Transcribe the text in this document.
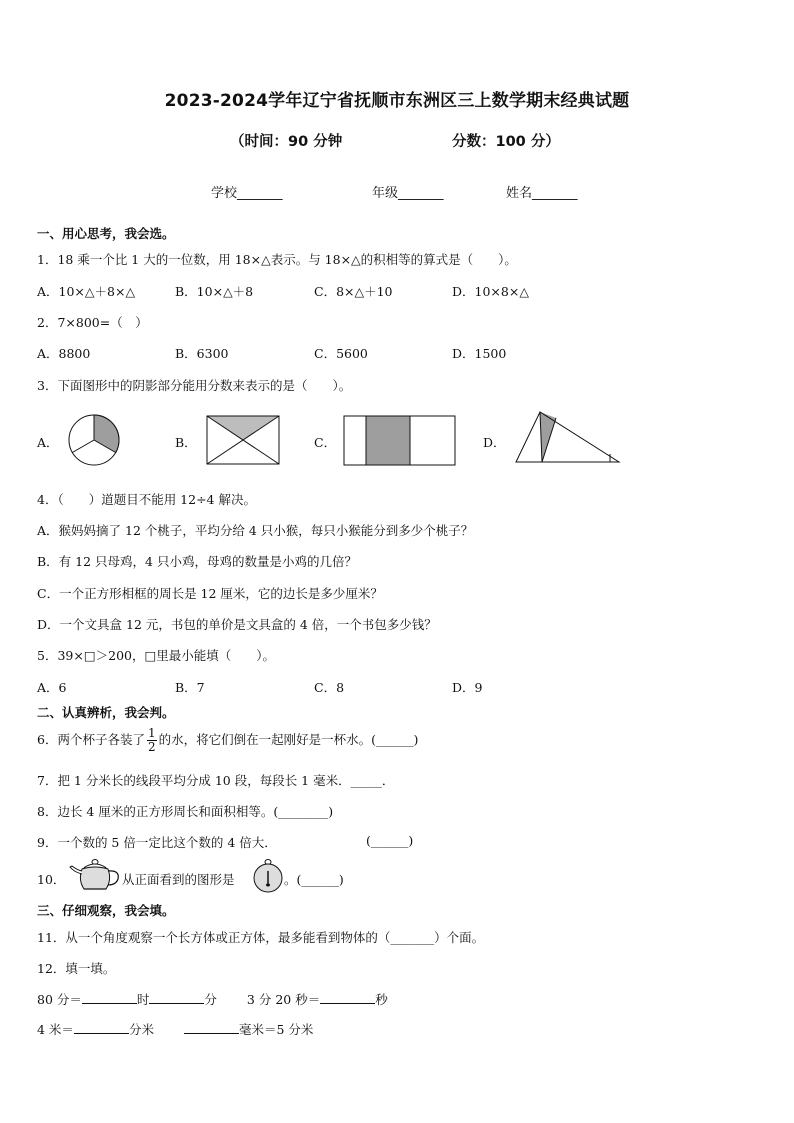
2023-2024学年辽宁省抚顺市东洲区三上数学期末经典试题
（时间：90 分钟	分数：100 分）
学校_______	年级_______	姓名_______
一、用心思考，我会选。
1．18 乘一个比 1 大的一位数，用 18×△表示。与 18×△的积相等的算式是（　　）。
A．10×△＋8×△	B．10×△＋8	C．8×△＋10	D．10×8×△
2．7×800=（　）
A．8800	B．6300	C．5600	D．1500
3．下面图形中的阴影部分能用分数来表示的是（　　）。
A．	B．	C．	D．
4．（　　）道题目不能用 12÷4 解决。
A．猴妈妈摘了 12 个桃子，平均分给 4 只小猴，每只小猴能分到多少个桃子？
B．有 12 只母鸡，4 只小鸡，母鸡的数量是小鸡的几倍？
C．一个正方形相框的周长是 12 厘米，它的边长是多少厘米？
D．一个文具盒 12 元，书包的单价是文具盒的 4 倍，一个书包多少钱？
5．39×□＞200，□里最小能填（　　）。
A．6	B．7	C．8	D．9
二、认真辨析，我会判。
6．两个杯子各装了 $\frac{1}{2}$ 的水，将它们倒在一起刚好是一杯水。(______)
7．把 1 分米长的线段平均分成 10 段，每段长 1 毫米．_____．
8．边长 4 厘米的正方形周长和面积相等。(________)
9．一个数的 5 倍一定比这个数的 4 倍大．	(______)
10．	从正面看到的图形是	。(______)
三、仔细观察，我会填。
11．从一个角度观察一个长方体或正方体，最多能看到物体的（_______）个面。
12．填一填。
80 分＝	时	分 3 分 20 秒＝	秒
4 米＝	分米	毫米＝5 分米
